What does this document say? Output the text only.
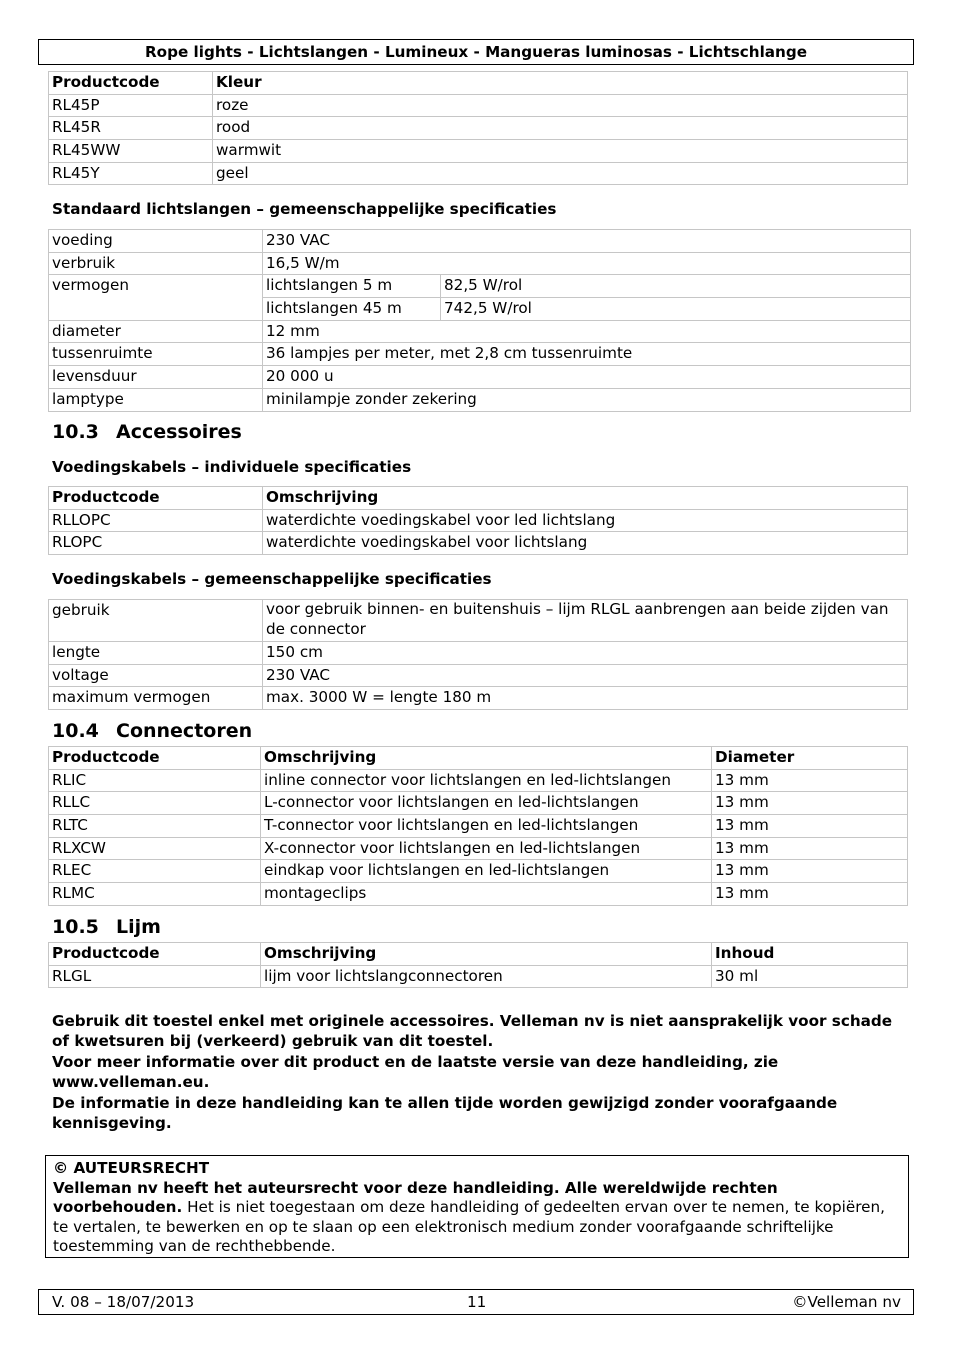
Rope lights - Lichtslangen - Lumineux - Mangueras luminosas - Lichtschlange
Productcode	Kleur
RL45P	roze
RL45R	rood
RL45WW	warmwit
RL45Y	geel
Standaard lichtslangen – gemeenschappelijke specificaties
voeding	230 VAC	
verbruik	16,5 W/m	
vermogen	lichtslangen 5 m	82,5 W/rol
	lichtslangen 45 m	742,5 W/rol
diameter	12 mm	
tussenruimte	36 lampjes per meter, met 2,8 cm tussenruimte	
levensduur	20 000 u	
lamptype	minilampje zonder zekering	
10.3 Accessoires
Voedingskabels – individuele specificaties
Productcode	Omschrijving
RLLOPC	waterdichte voedingskabel voor led lichtslang
RLOPC	waterdichte voedingskabel voor lichtslang
Voedingskabels – gemeenschappelijke specificaties
gebruik	voor gebruik binnen- en buitenshuis – lijm RLGL aanbrengen aan beide zijden van de connector
lengte	150 cm
voltage	230 VAC
maximum vermogen	max. 3000 W = lengte 180 m
10.4 Connectoren
Productcode	Omschrijving	Diameter
RLIC	inline connector voor lichtslangen en led-lichtslangen	13 mm
RLLC	L-connector voor lichtslangen en led-lichtslangen	13 mm
RLTC	T-connector voor lichtslangen en led-lichtslangen	13 mm
RLXCW	X-connector voor lichtslangen en led-lichtslangen	13 mm
RLEC	eindkap voor lichtslangen en led-lichtslangen	13 mm
RLMC	montageclips	13 mm
10.5 Lijm
Productcode	Omschrijving	Inhoud
RLGL	lijm voor lichtslangconnectoren	30 ml

Gebruik dit toestel enkel met originele accessoires. Velleman nv is niet aansprakelijk voor schade of kwetsuren bij (verkeerd) gebruik van dit toestel.

Voor meer informatie over dit product en de laatste versie van deze handleiding, zie www.velleman.eu.

De informatie in deze handleiding kan te allen tijde worden gewijzigd zonder voorafgaande kennisgeving.

© AUTEURSRECHT
Velleman nv heeft het auteursrecht voor deze handleiding. Alle wereldwijde rechten voorbehouden. Het is niet toegestaan om deze handleiding of gedeelten ervan over te nemen, te kopiëren, te vertalen, te bewerken en op te slaan op een elektronisch medium zonder voorafgaande schriftelijke toestemming van de rechthebbende.
V. 08 – 18/07/2013	11	©Velleman nv
